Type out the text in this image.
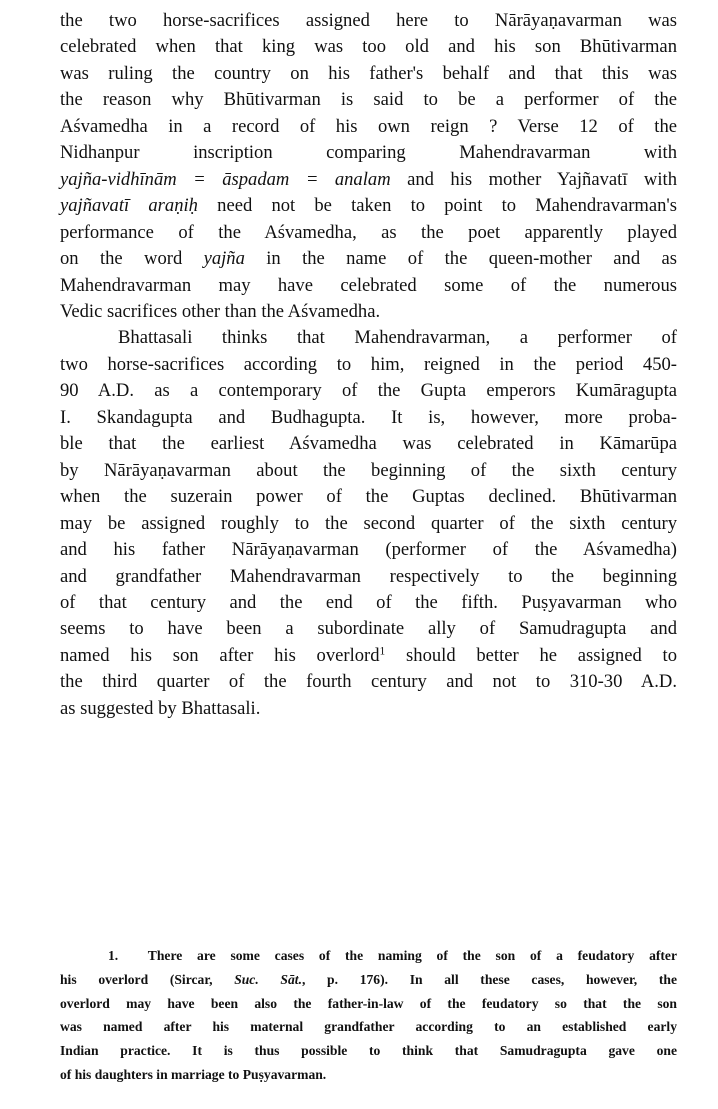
the two horse-sacrifices assigned here to Nārāyaṇavarman was
celebrated when that king was too old and his son Bhūtivarman
was ruling the country on his father's behalf and that this was
the reason why Bhūtivarman is said to be a performer of the
Aśvamedha in a record of his own reign ? Verse 12 of the
Nidhanpur inscription comparing Mahendravarman with
yajña-vidhīnām = āspadam = analam and his mother Yajñavatī with
yajñavatī araṇiḥ need not be taken to point to Mahendravarman's
performance of the Aśvamedha, as the poet apparently played
on the word yajña in the name of the queen-mother and as
Mahendravarman may have celebrated some of the numerous
Vedic sacrifices other than the Aśvamedha.
Bhattasali thinks that Mahendravarman, a performer of
two horse-sacrifices according to him, reigned in the period 450-
90 A.D. as a contemporary of the Gupta emperors Kumāragupta
I. Skandagupta and Budhagupta. It is, however, more proba-
ble that the earliest Aśvamedha was celebrated in Kāmarūpa
by Nārāyaṇavarman about the beginning of the sixth century
when the suzerain power of the Guptas declined. Bhūtivarman
may be assigned roughly to the second quarter of the sixth century
and his father Nārāyaṇavarman (performer of the Aśvamedha)
and grandfather Mahendravarman respectively to the beginning
of that century and the end of the fifth. Puṣyavarman who
seems to have been a subordinate ally of Samudragupta and
named his son after his overlord$^1$ should better he assigned to
the third quarter of the fourth century and not to 310-30 A.D.
as suggested by Bhattasali.
1. There are some cases of the naming of the son of a feudatory after
his overlord (Sircar, Suc. Sāt., p. 176). In all these cases, however, the
overlord may have been also the father-in-law of the feudatory so that the son
was named after his maternal grandfather according to an established early
Indian practice. It is thus possible to think that Samudragupta gave one
of his daughters in marriage to Puṣyavarman.
